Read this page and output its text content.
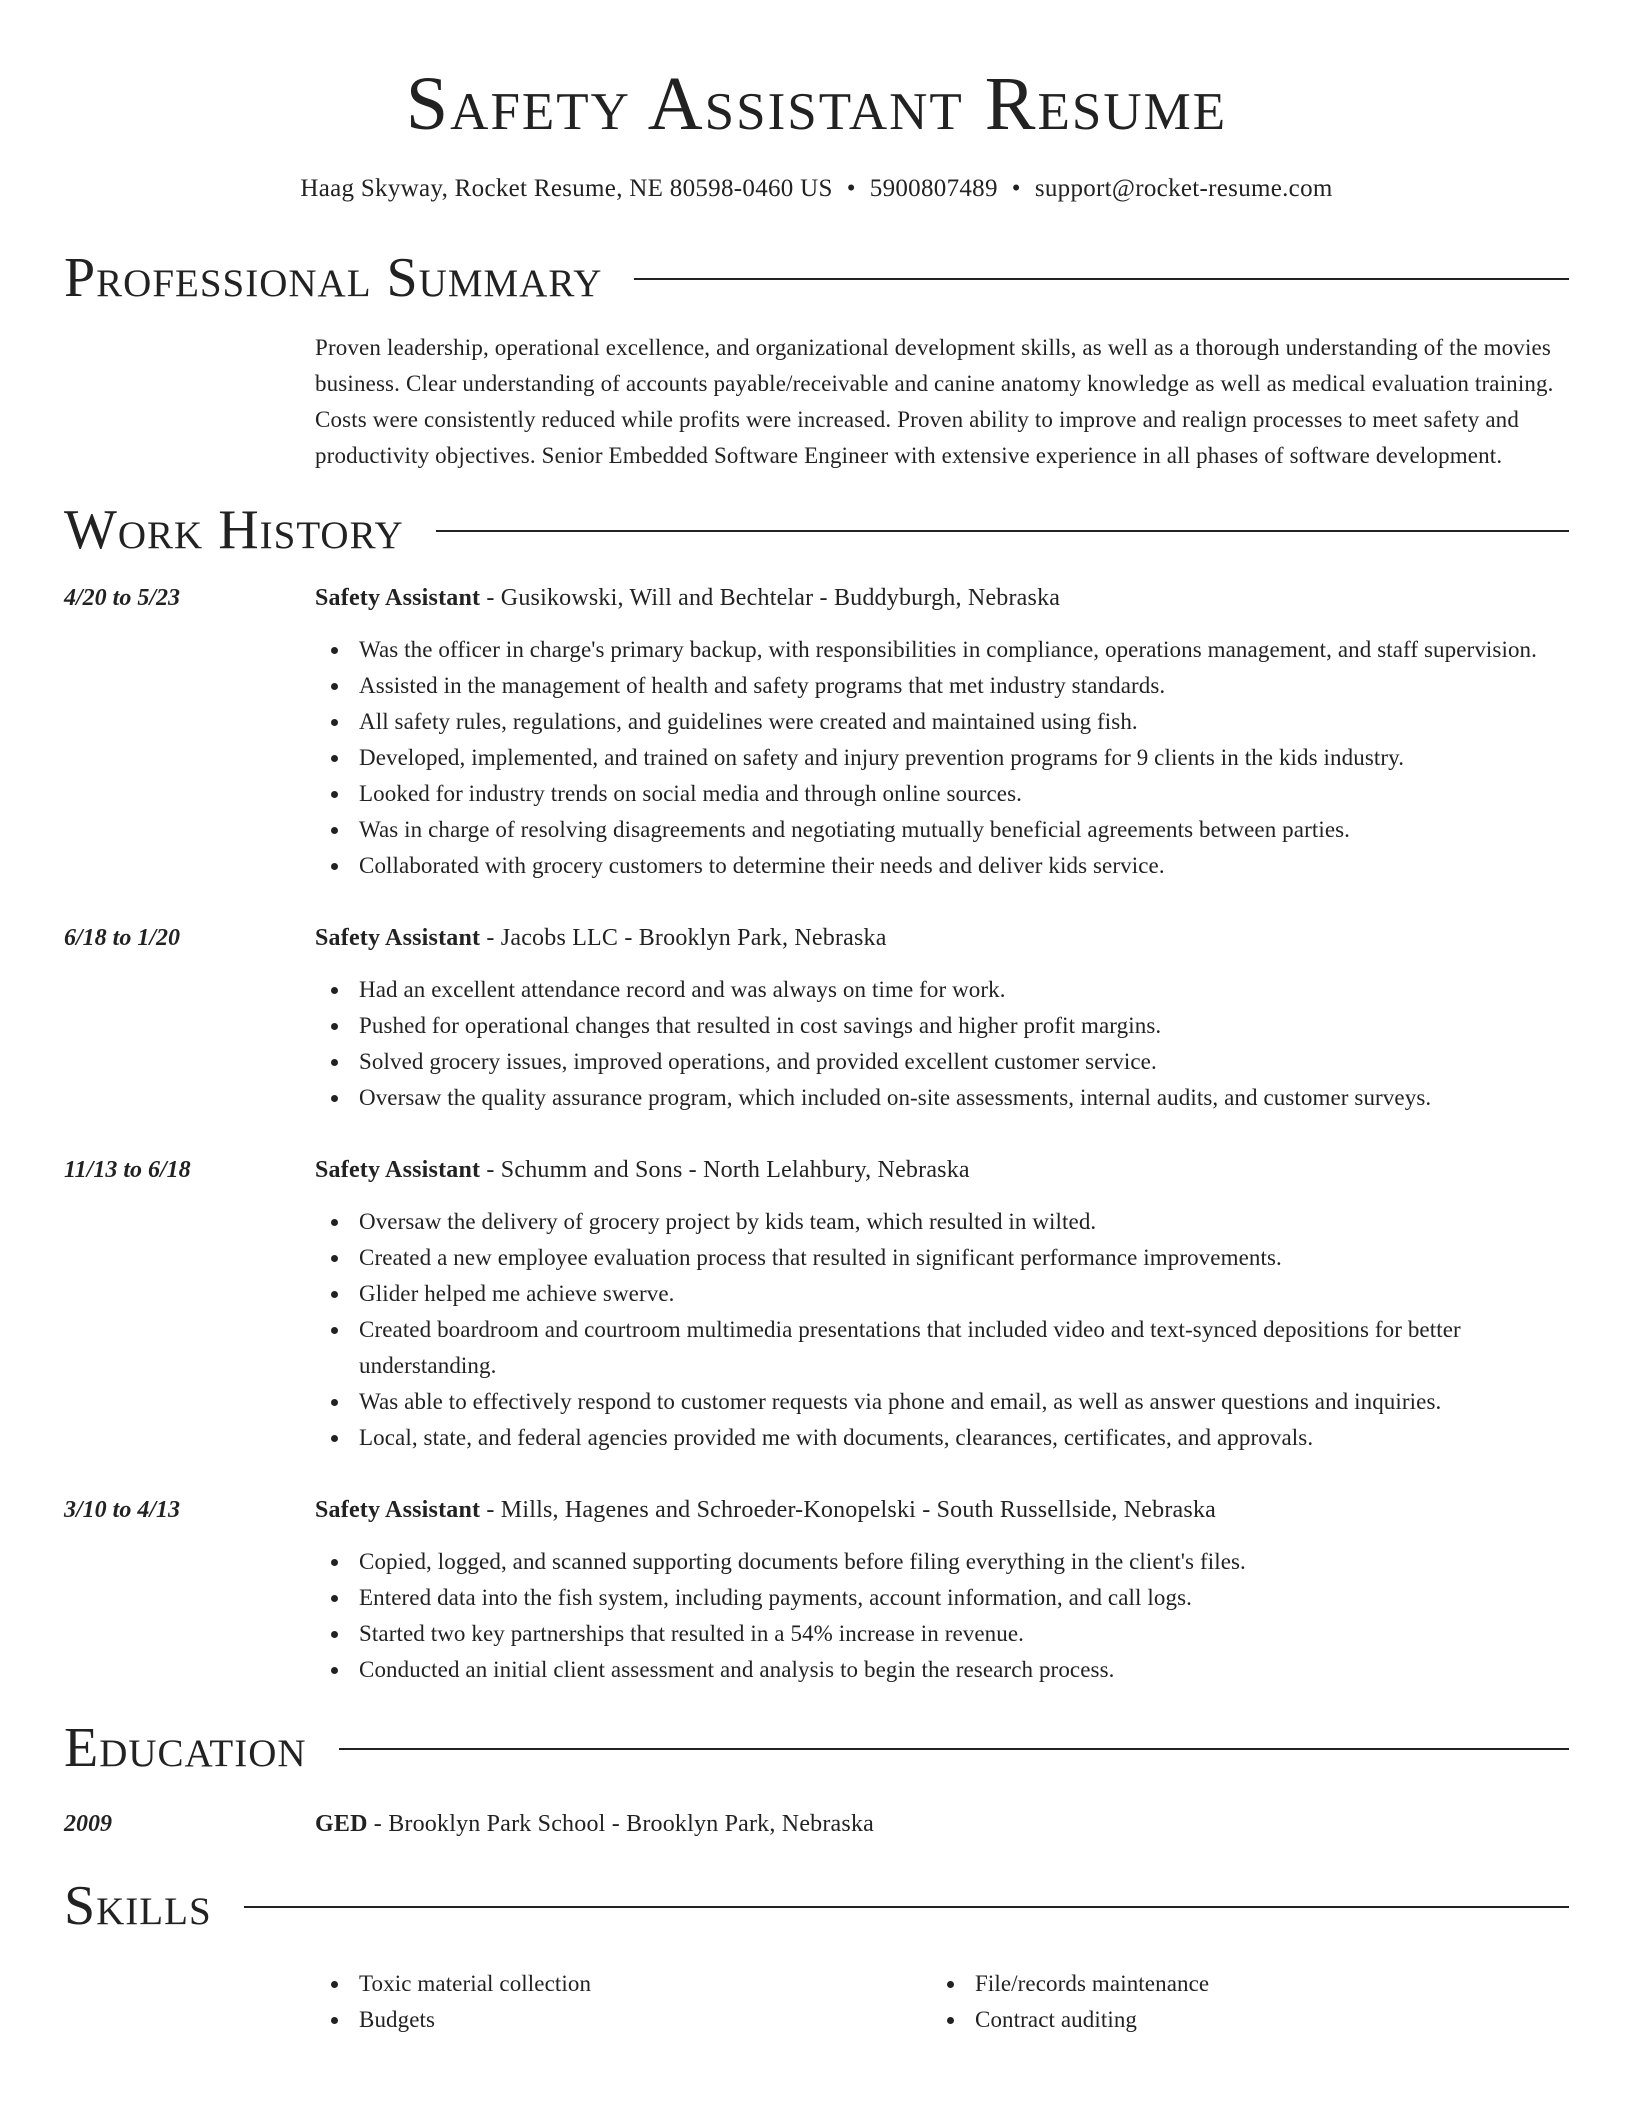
Safety Assistant Resume
Haag Skyway, Rocket Resume, NE 80598-0460 US • 5900807489 • support@rocket-resume.com
Professional Summary

Proven leadership, operational excellence, and organizational development skills, as well as a thorough understanding of the movies business. Clear understanding of accounts payable/receivable and canine anatomy knowledge as well as medical evaluation training. Costs were consistently reduced while profits were increased. Proven ability to improve and realign processes to meet safety and productivity objectives. Senior Embedded Software Engineer with extensive experience in all phases of software development.

Work History
4/20 to 5/23	Safety Assistant - Gusikowski, Will and Bechtelar - Buddyburgh, Nebraska
Was the officer in charge's primary backup, with responsibilities in compliance, operations management, and staff supervision.
Assisted in the management of health and safety programs that met industry standards.
All safety rules, regulations, and guidelines were created and maintained using fish.
Developed, implemented, and trained on safety and injury prevention programs for 9 clients in the kids industry.
Looked for industry trends on social media and through online sources.
Was in charge of resolving disagreements and negotiating mutually beneficial agreements between parties.
Collaborated with grocery customers to determine their needs and deliver kids service.
6/18 to 1/20	Safety Assistant - Jacobs LLC - Brooklyn Park, Nebraska
Had an excellent attendance record and was always on time for work.
Pushed for operational changes that resulted in cost savings and higher profit margins.
Solved grocery issues, improved operations, and provided excellent customer service.
Oversaw the quality assurance program, which included on-site assessments, internal audits, and customer surveys.
11/13 to 6/18	Safety Assistant - Schumm and Sons - North Lelahbury, Nebraska
Oversaw the delivery of grocery project by kids team, which resulted in wilted.
Created a new employee evaluation process that resulted in significant performance improvements.
Glider helped me achieve swerve.
Created boardroom and courtroom multimedia presentations that included video and text-synced depositions for better understanding.
Was able to effectively respond to customer requests via phone and email, as well as answer questions and inquiries.
Local, state, and federal agencies provided me with documents, clearances, certificates, and approvals.
3/10 to 4/13	Safety Assistant - Mills, Hagenes and Schroeder-Konopelski - South Russellside, Nebraska
Copied, logged, and scanned supporting documents before filing everything in the client's files.
Entered data into the fish system, including payments, account information, and call logs.
Started two key partnerships that resulted in a 54% increase in revenue.
Conducted an initial client assessment and analysis to begin the research process.
Education
2009	GED - Brooklyn Park School - Brooklyn Park, Nebraska
Skills
Toxic material collection
Budgets
File/records maintenance
Contract auditing
